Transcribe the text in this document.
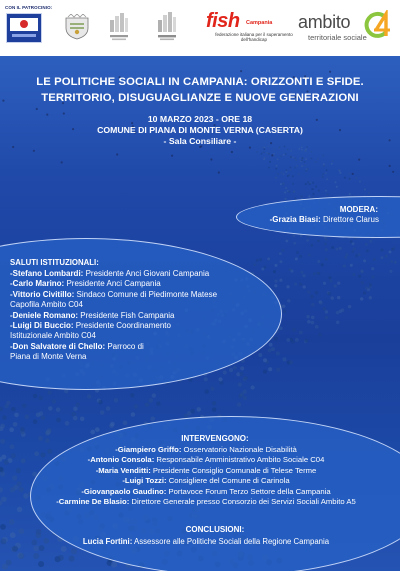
CON IL PATROCINIO:
fish Campania
federazione italiana per il superamento dell'handicap
ambito
territoriale sociale
LE POLITICHE SOCIALI IN CAMPANIA: ORIZZONTI E SFIDE.
TERRITORIO, DISUGUAGLIANZE E NUOVE GENERAZIONI
10 MARZO 2023 - ORE 18
COMUNE DI PIANA DI MONTE VERNA (CASERTA)
- Sala Consiliare -
MODERA:
-Grazia Biasi: Direttore Clarus
SALUTI ISTITUZIONALI:
-Stefano Lombardi: Presidente Anci Giovani Campania
-Carlo Marino: Presidente Anci Campania
-Vittorio Civitillo: Sindaco Comune di Piedimonte Matese
Capofila Ambito C04
-Deniele Romano: Presidente Fish Campania
-Luigi Di Buccio: Presidente Coordinamento
Istituzionale Ambito C04
-Don Salvatore di Chello: Parroco di
Piana di Monte Verna
INTERVENGONO:
-Giampiero Griffo: Osservatorio Nazionale Disabilità
-Antonio Consola: Responsabile Amministrativo Ambito Sociale C04
-Maria Venditti: Presidente Consiglio Comunale di Telese Terme
-Luigi Tozzi: Consigliere del Comune di Carinola
-Giovanpaolo Gaudino: Portavoce Forum Terzo Settore della Campania
-Carmine De Blasio: Direttore Generale presso Consorzio dei Servizi Sociali Ambito A5
CONCLUSIONI:
Lucia Fortini: Assessore alle Politiche Sociali della Regione Campania
